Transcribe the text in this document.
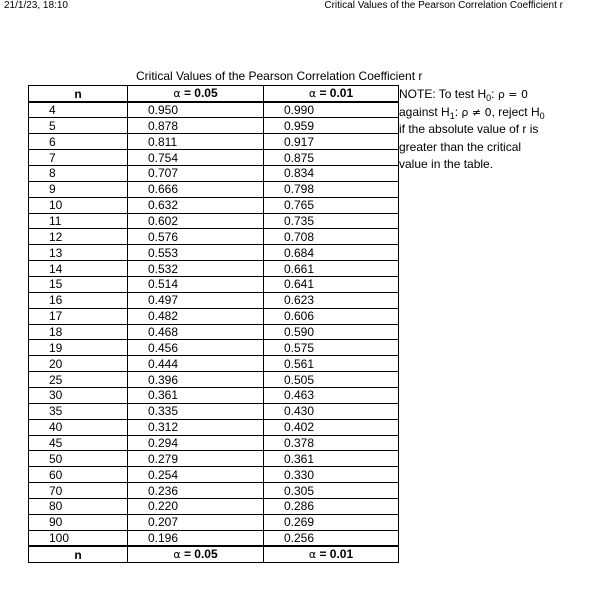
21/1/23, 18:10	Critical Values of the Pearson Correlation Coefficient r
Critical Values of the Pearson Correlation Coefficient r
n	α = 0.05	α = 0.01
4	0.950	0.990
5	0.878	0.959
6	0.811	0.917
7	0.754	0.875
8	0.707	0.834
9	0.666	0.798
10	0.632	0.765
11	0.602	0.735
12	0.576	0.708
13	0.553	0.684
14	0.532	0.661
15	0.514	0.641
16	0.497	0.623
17	0.482	0.606
18	0.468	0.590
19	0.456	0.575
20	0.444	0.561
25	0.396	0.505
30	0.361	0.463
35	0.335	0.430
40	0.312	0.402
45	0.294	0.378
50	0.279	0.361
60	0.254	0.330
70	0.236	0.305
80	0.220	0.286
90	0.207	0.269
100	0.196	0.256
n	α = 0.05	α = 0.01
NOTE: To test $H_0$: ρ = 0
against $H_1$: ρ ≠ 0, reject $H_0$
if the absolute value of r is
greater than the critical
value in the table.
